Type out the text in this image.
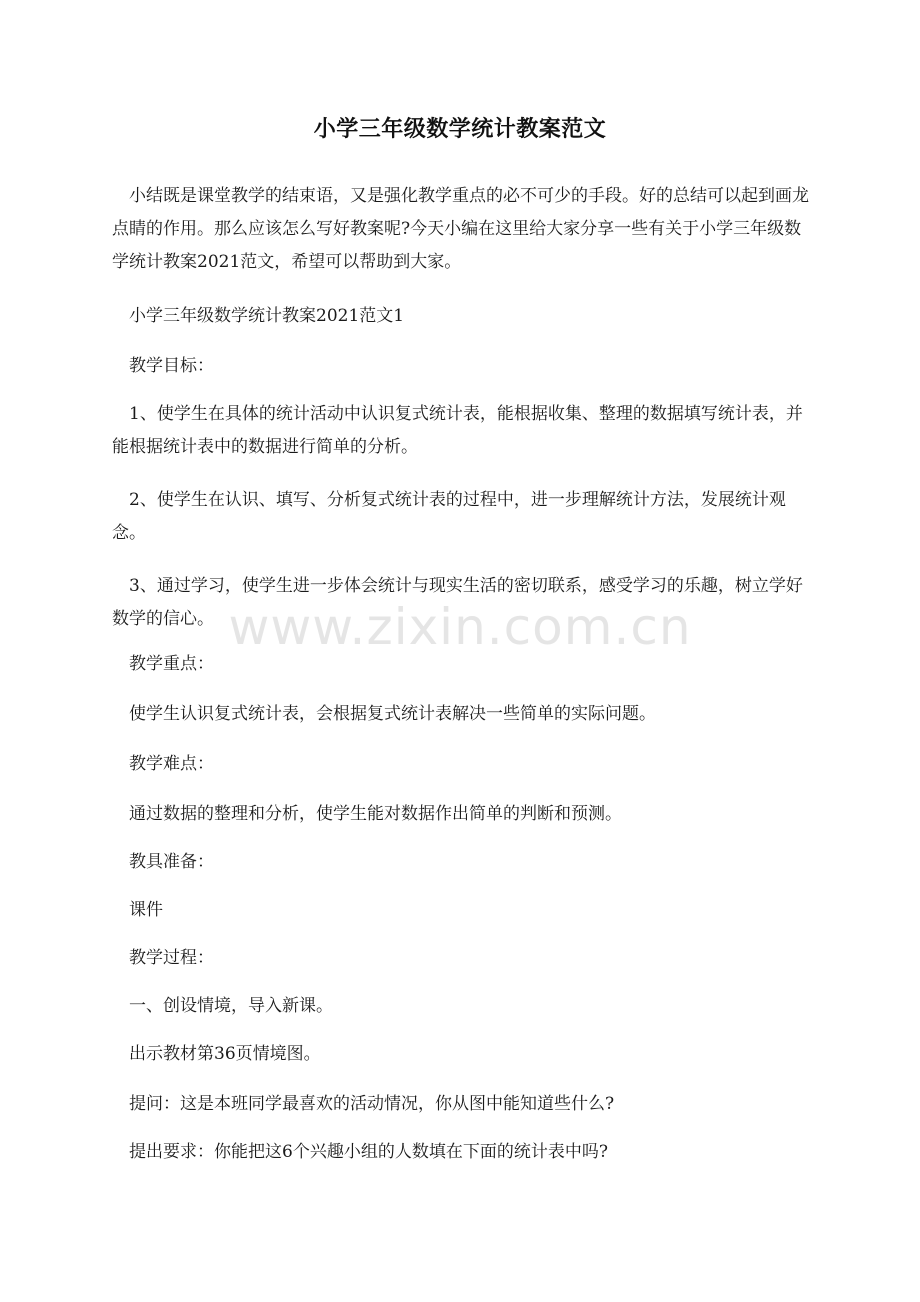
小学三年级数学统计教案范文

小结既是课堂教学的结束语，又是强化教学重点的必不可少的手段。好的总结可以起到画龙点睛的作用。那么应该怎么写好教案呢?今天小编在这里给大家分享一些有关于小学三年级数学统计教案2021范文，希望可以帮助到大家。

小学三年级数学统计教案2021范文1

教学目标：

1、使学生在具体的统计活动中认识复式统计表，能根据收集、整理的数据填写统计表，并能根据统计表中的数据进行简单的分析。

2、使学生在认识、填写、分析复式统计表的过程中，进一步理解统计方法，发展统计观念。

3、通过学习，使学生进一步体会统计与现实生活的密切联系，感受学习的乐趣，树立学好数学的信心。

教学重点：

使学生认识复式统计表，会根据复式统计表解决一些简单的实际问题。

教学难点：

通过数据的整理和分析，使学生能对数据作出简单的判断和预测。

教具准备：

课件

教学过程：

一、创设情境，导入新课。

出示教材第36页情境图。

提问：这是本班同学最喜欢的活动情况，你从图中能知道些什么?

提出要求：你能把这6个兴趣小组的人数填在下面的统计表中吗?

www.zixin.com.cn
